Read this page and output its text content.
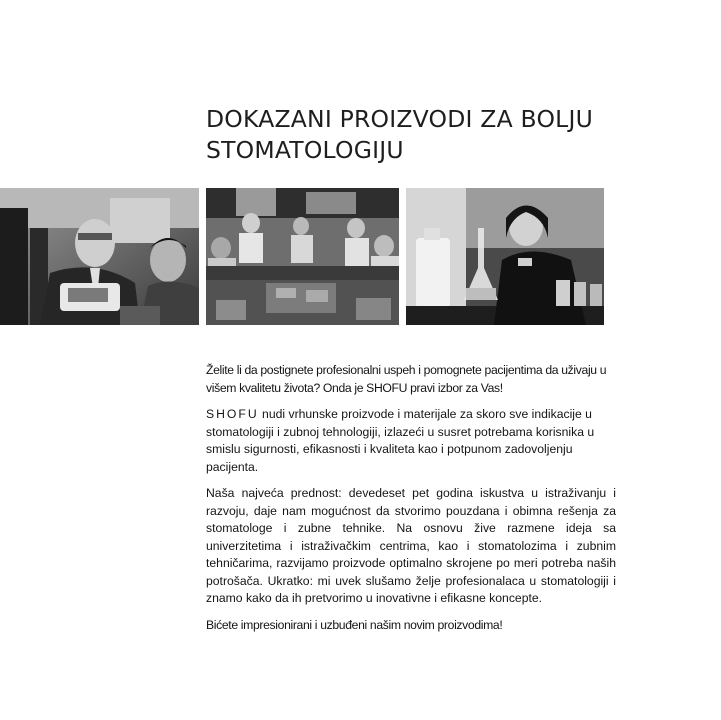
DOKAZANI PROIZVODI ZA BOLJU
STOMATOLOGIJU

Želite li da postignete profesionalni uspeh i pomognete pacijentima da uživaju u višem kvalitetu života? Onda je SHOFU pravi izbor za Vas!

SHOFU nudi vrhunske proizvode i materijale za skoro sve indikacije u stomatologiji i zubnoj tehnologiji, izlazeći u susret potrebama korisnika u smislu sigurnosti, efikasnosti i kvaliteta kao i potpunom zadovoljenju pacijenta.

Naša najveća prednost: devedeset pet godina iskustva u istraživanju i razvoju, daje nam mogućnost da stvorimo pouzdana i obimna rešenja za stomatologe i zubne tehnike. Na osnovu žive razmene ideja sa univerzitetima i istraživačkim centrima, kao i stomatolozima i zubnim tehničarima, razvijamo proizvode optimalno skrojene po meri potreba naših potrošača. Ukratko: mi uvek slušamo želje profesionalaca u stomatologiji i znamo kako da ih pretvorimo u inovativne i efikasne koncepte.

Bićete impresionirani i uzbuđeni našim novim proizvodima!
